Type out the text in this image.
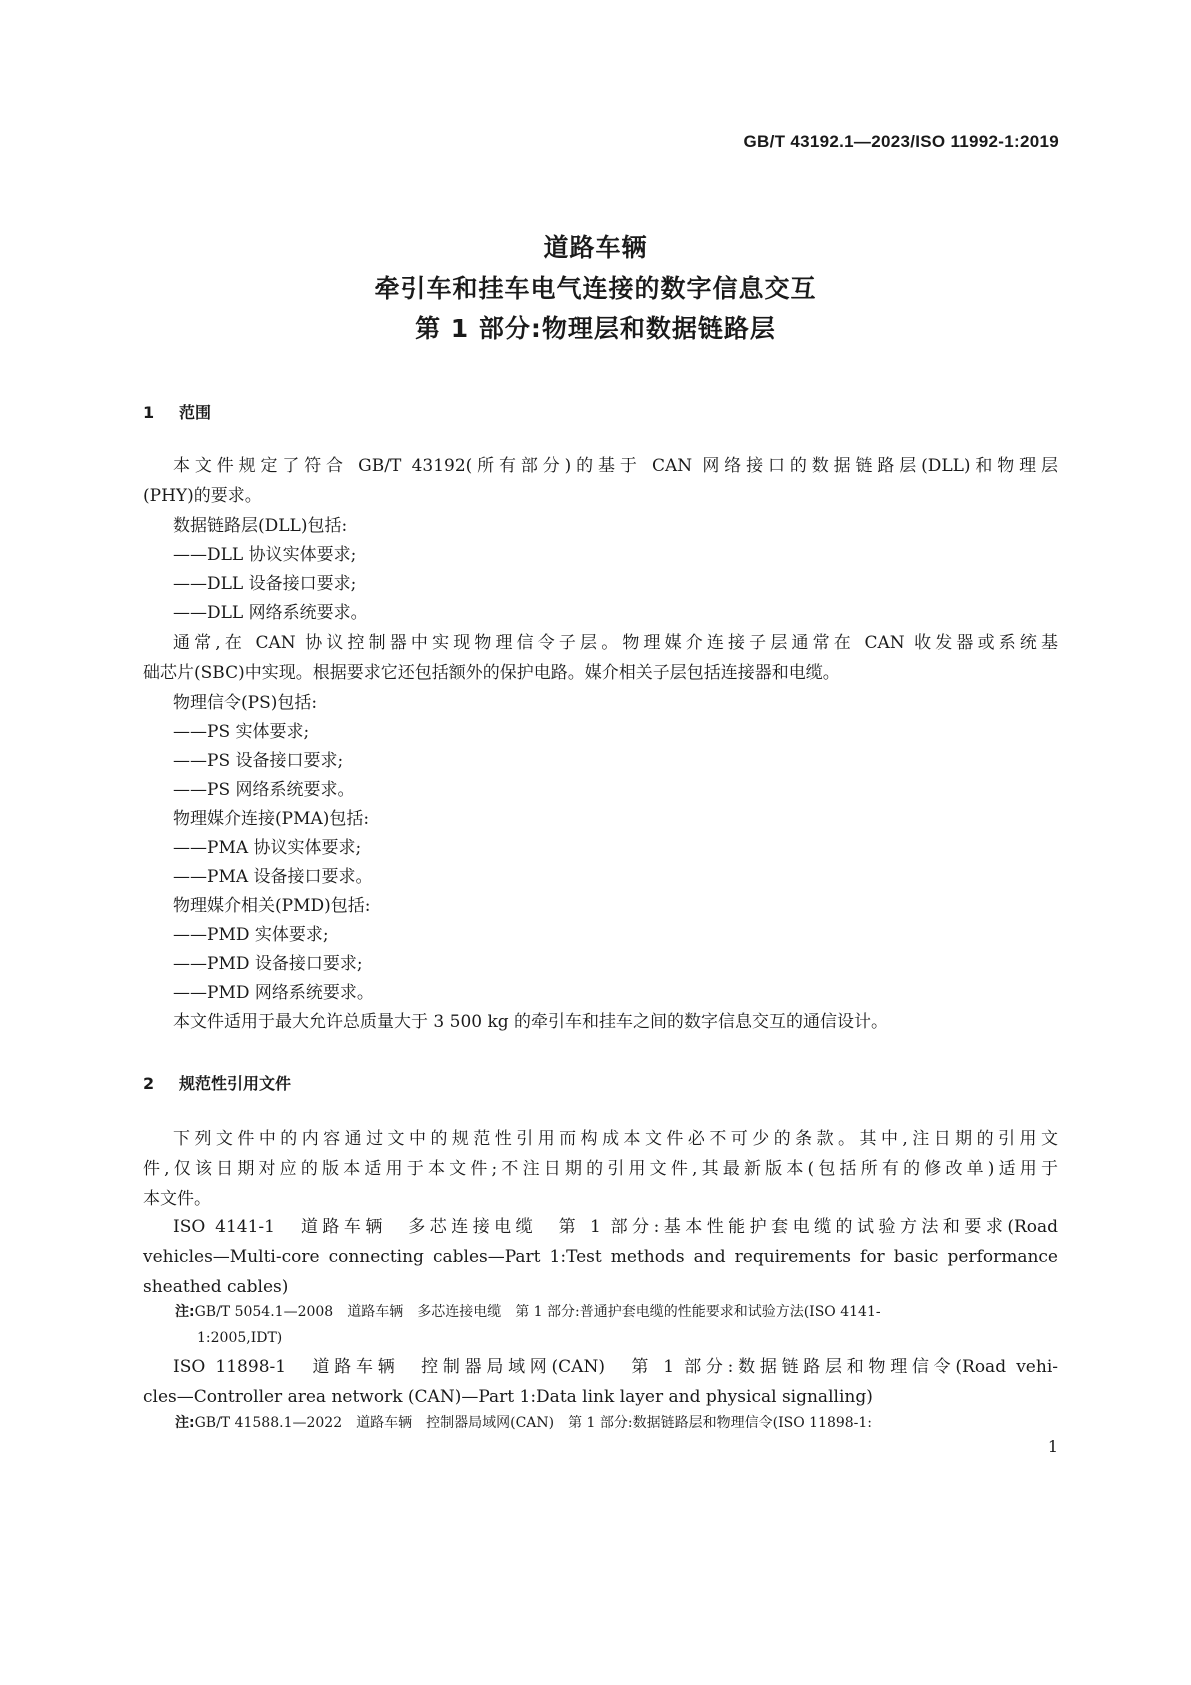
GB/T 43192.1—2023/ISO 11992-1:2019
道路车辆
牵引车和挂车电气连接的数字信息交互
第 1 部分:物理层和数据链路层
1 范围
本文件规定了符合 GB/T 43192(所有部分)的基于 CAN 网络接口的数据链路层(DLL)和物理层
(PHY)的要求。
数据链路层(DLL)包括:
——DLL 协议实体要求;
——DLL 设备接口要求;
——DLL 网络系统要求。
通常,在 CAN 协议控制器中实现物理信令子层。物理媒介连接子层通常在 CAN 收发器或系统基
础芯片(SBC)中实现。根据要求它还包括额外的保护电路。媒介相关子层包括连接器和电缆。
物理信令(PS)包括:
——PS 实体要求;
——PS 设备接口要求;
——PS 网络系统要求。
物理媒介连接(PMA)包括:
——PMA 协议实体要求;
——PMA 设备接口要求。
物理媒介相关(PMD)包括:
——PMD 实体要求;
——PMD 设备接口要求;
——PMD 网络系统要求。
本文件适用于最大允许总质量大于 3 500 kg 的牵引车和挂车之间的数字信息交互的通信设计。
2 规范性引用文件
下列文件中的内容通过文中的规范性引用而构成本文件必不可少的条款。其中,注日期的引用文
件,仅该日期对应的版本适用于本文件;不注日期的引用文件,其最新版本(包括所有的修改单)适用于
本文件。
ISO 4141-1　道路车辆　多芯连接电缆　第 1 部分:基本性能护套电缆的试验方法和要求(Road
vehicles—Multi-core connecting cables—Part 1:Test methods and requirements for basic performance
sheathed cables)
注:GB/T 5054.1—2008　道路车辆　多芯连接电缆　第 1 部分:普通护套电缆的性能要求和试验方法(ISO 4141-
1:2005,IDT)
ISO 11898-1　道路车辆　控制器局域网(CAN)　第 1 部分:数据链路层和物理信令(Road vehi-
cles—Controller area network (CAN)—Part 1:Data link layer and physical signalling)
注:GB/T 41588.1—2022　道路车辆　控制器局域网(CAN)　第 1 部分:数据链路层和物理信令(ISO 11898-1:
1
